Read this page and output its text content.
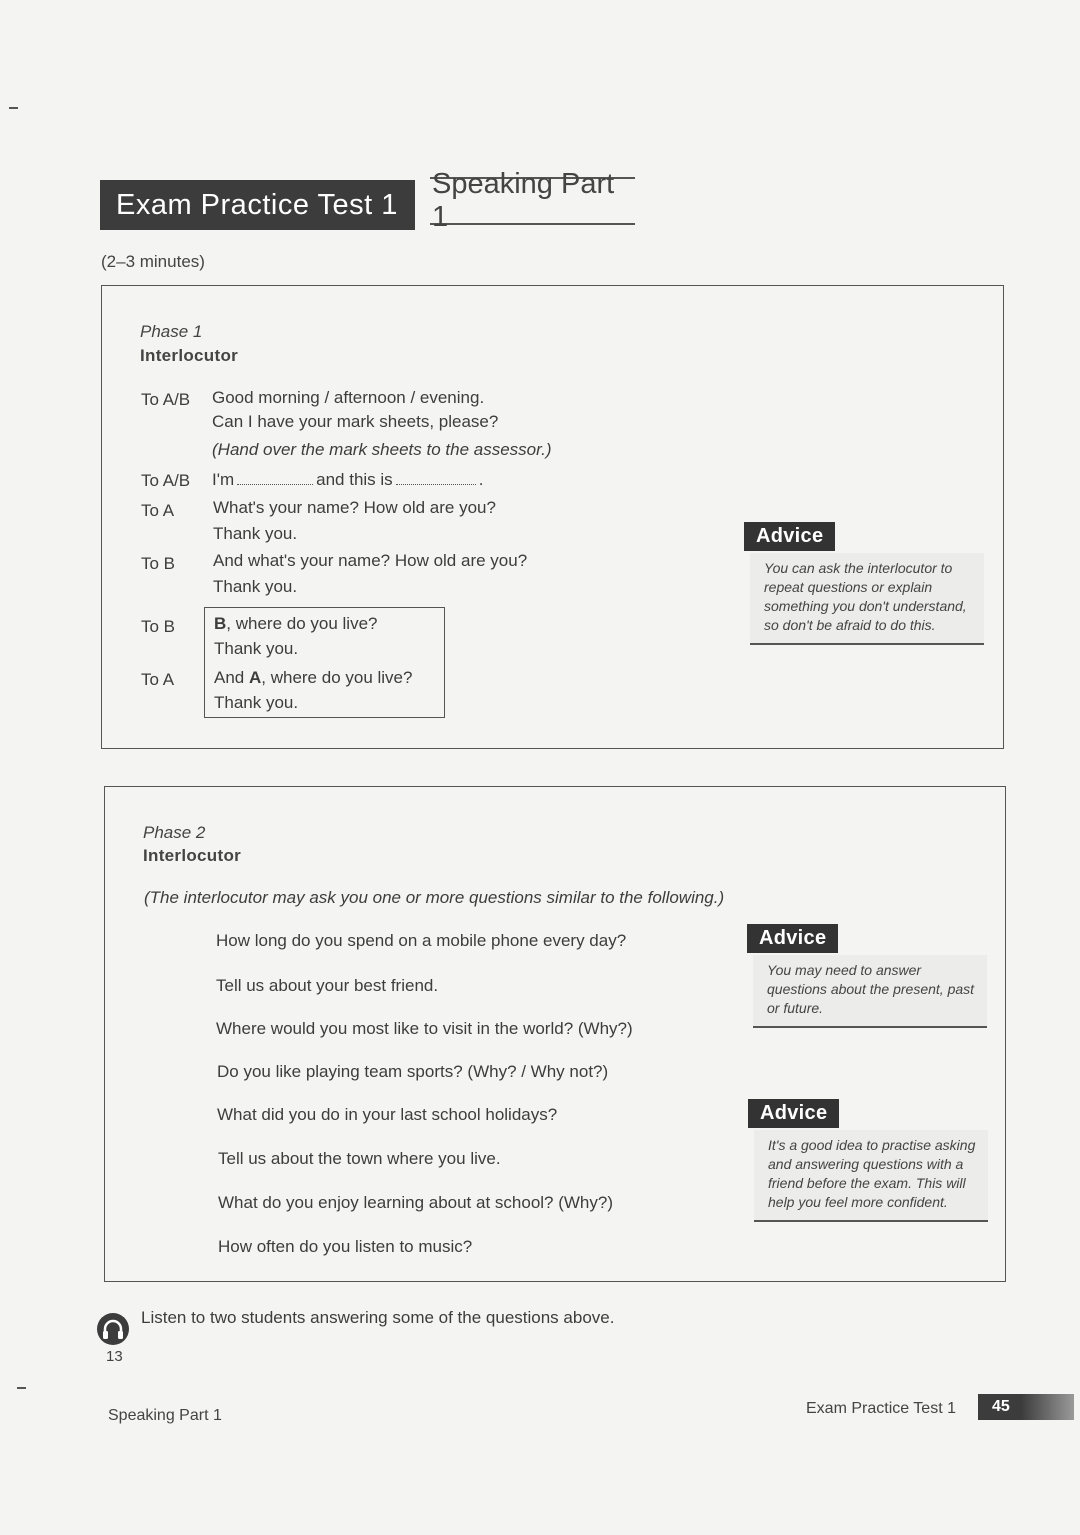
Exam Practice Test 1
Speaking Part 1
(2–3 minutes)
Phase 1
Interlocutor
To A/B Good morning / afternoon / evening.
Can I have your mark sheets, please?
(Hand over the mark sheets to the assessor.)
To A/B I'm	and this is	.
To A What's your name? How old are you?
Thank you.
To B And what's your name? How old are you?
Thank you.
To B B, where do you live?
Thank you.
To A And A, where do you live?
Thank you.
Advice
You can ask the interlocutor to repeat questions or explain something you don't understand, so don't be afraid to do this.
Phase 2
Interlocutor
(The interlocutor may ask you one or more questions similar to the following.)
How long do you spend on a mobile phone every day?
Tell us about your best friend.
Where would you most like to visit in the world? (Why?)
Do you like playing team sports? (Why? / Why not?)
What did you do in your last school holidays?
Tell us about the town where you live.
What do you enjoy learning about at school? (Why?)
How often do you listen to music?
Advice
You may need to answer questions about the present, past or future.
Advice
It's a good idea to practise asking and answering questions with a friend before the exam. This will help you feel more confident.
13
Listen to two students answering some of the questions above.
Speaking Part 1	Exam Practice Test 1	45
